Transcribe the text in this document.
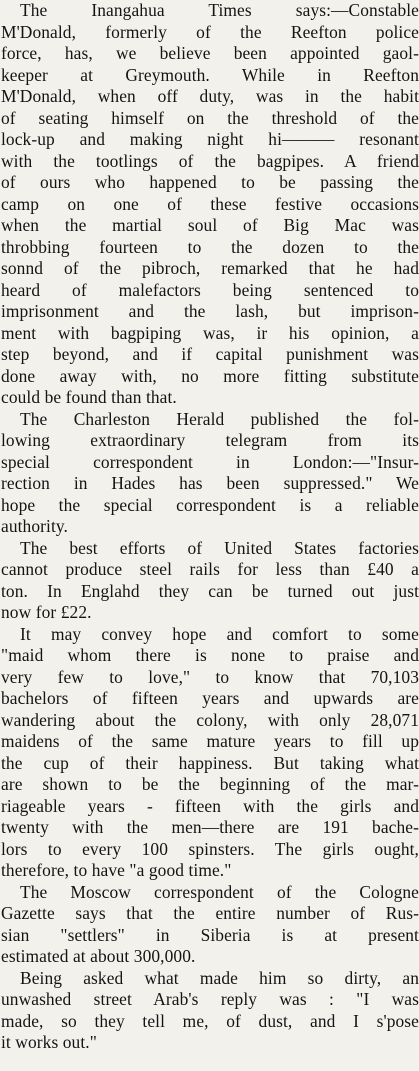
The Inangahua Times says:—Constable
M'Donald, formerly of the Reefton police
force, has, we believe been appointed gaol-
keeper at Greymouth. While in Reefton
M'Donald, when off duty, was in the habit
of seating himself on the threshold of the
lock-up and making night hi——— resonant
with the tootlings of the bagpipes. A friend
of ours who happened to be passing the
camp on one of these festive occasions
when the martial soul of Big Mac was
throbbing fourteen to the dozen to the
sonnd of the pibroch, remarked that he had
heard of malefactors being sentenced to
imprisonment and the lash, but imprison-
ment with bagpiping was, ir his opinion, a
step beyond, and if capital punishment was
done away with, no more fitting substitute
could be found than that.
The Charleston Herald published the fol-
lowing extraordinary telegram from its
special correspondent in London:—"Insur-
rection in Hades has been suppressed." We
hope the special correspondent is a reliable
authority.
The best efforts of United States factories
cannot produce steel rails for less than £40 a
ton. In Englahd they can be turned out just
now for £22.
It may convey hope and comfort to some
"maid whom there is none to praise and
very few to love," to know that 70,103
bachelors of fifteen years and upwards are
wandering about the colony, with only 28,071
maidens of the same mature years to fill up
the cup of their happiness. But taking what
are shown to be the beginning of the mar-
riageable years - fifteen with the girls and
twenty with the men—there are 191 bache-
lors to every 100 spinsters. The girls ought,
therefore, to have "a good time."
The Moscow correspondent of the Cologne
Gazette says that the entire number of Rus-
sian "settlers" in Siberia is at present
estimated at about 300,000.
Being asked what made him so dirty, an
unwashed street Arab's reply was : "I was
made, so they tell me, of dust, and I s'pose
it works out."
